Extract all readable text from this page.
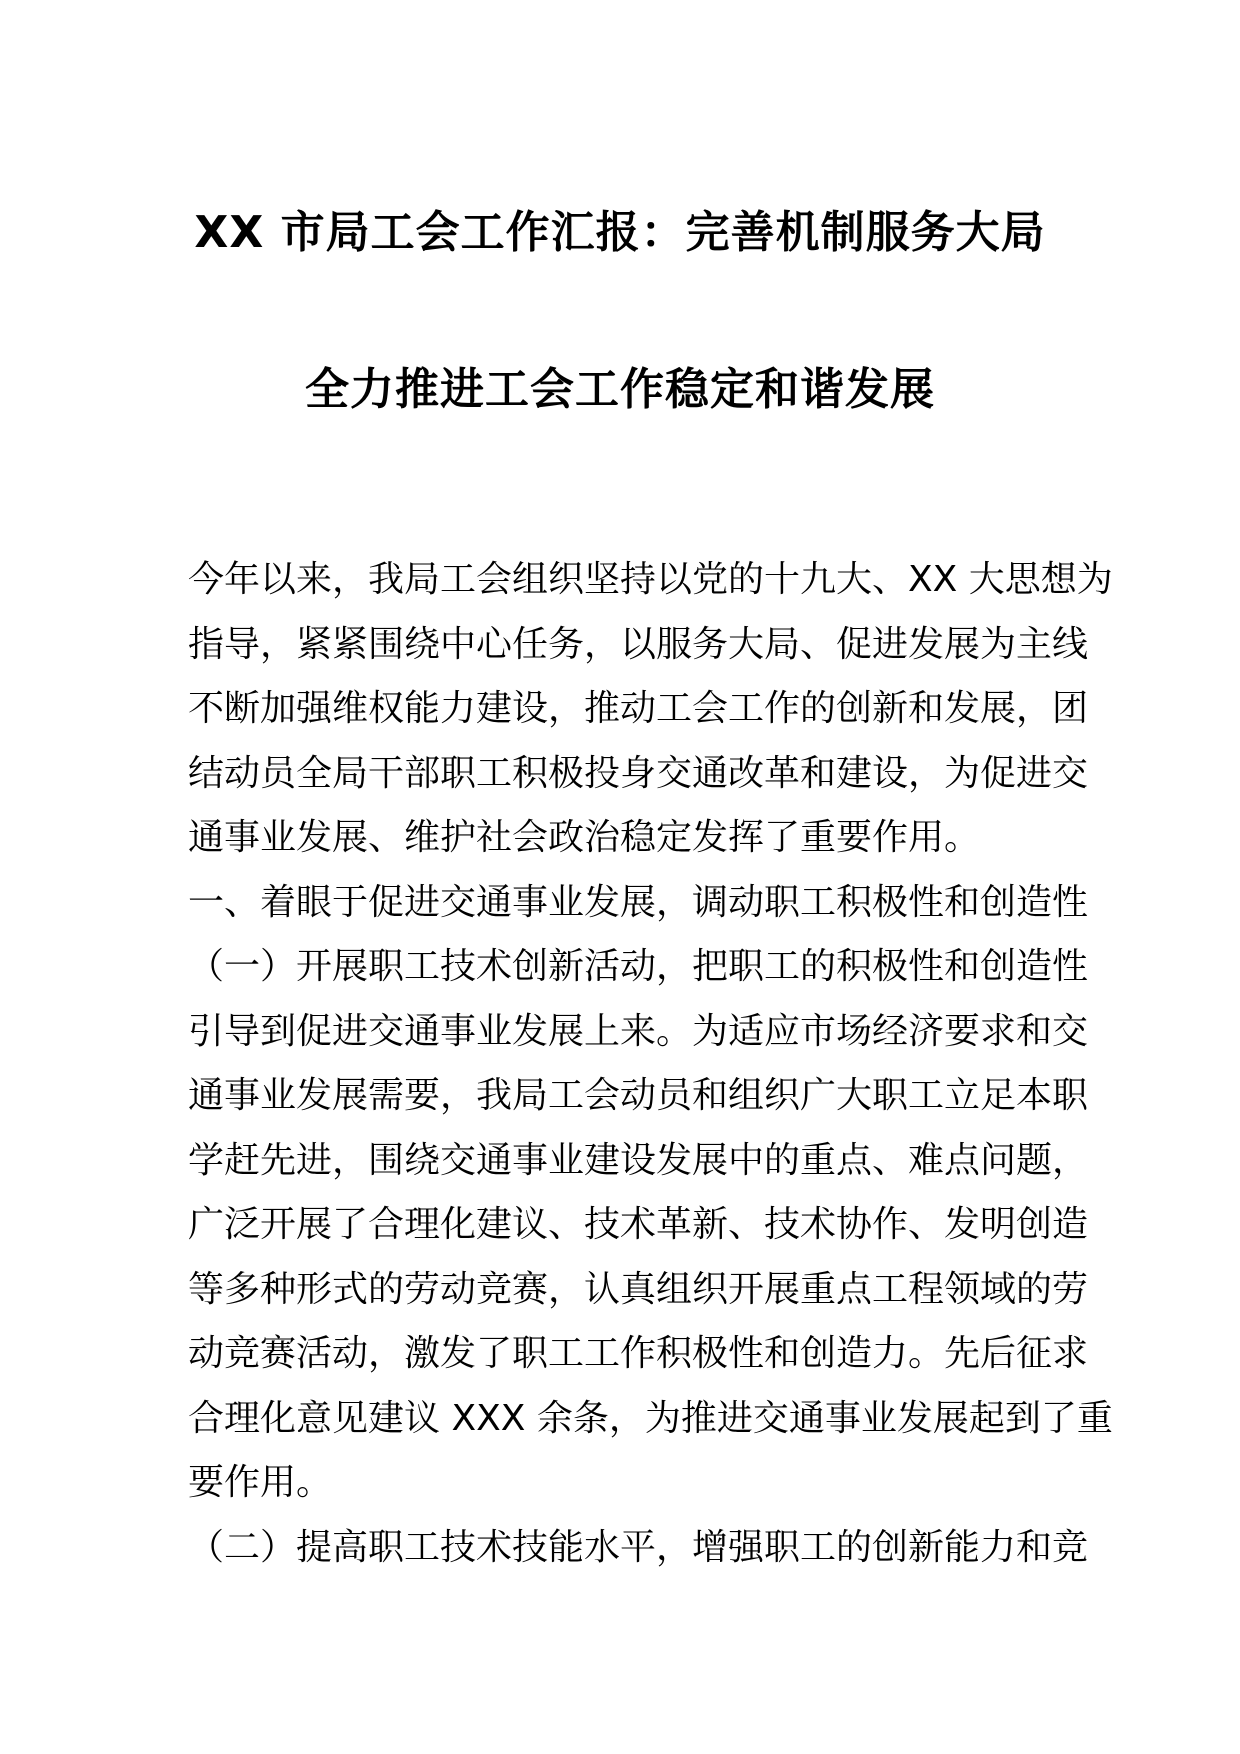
XX 市局工会工作汇报：完善机制服务大局
全力推进工会工作稳定和谐发展
今年以来，我局工会组织坚持以党的十九大、XX 大思想为
指导，紧紧围绕中心任务，以服务大局、促进发展为主线
不断加强维权能力建设，推动工会工作的创新和发展，团
结动员全局干部职工积极投身交通改革和建设，为促进交
通事业发展、维护社会政治稳定发挥了重要作用。
一、着眼于促进交通事业发展，调动职工积极性和创造性
（一）开展职工技术创新活动，把职工的积极性和创造性
引导到促进交通事业发展上来。为适应市场经济要求和交
通事业发展需要，我局工会动员和组织广大职工立足本职
学赶先进，围绕交通事业建设发展中的重点、难点问题，
广泛开展了合理化建议、技术革新、技术协作、发明创造
等多种形式的劳动竞赛，认真组织开展重点工程领域的劳
动竞赛活动，激发了职工工作积极性和创造力。先后征求
合理化意见建议 XXX 余条，为推进交通事业发展起到了重
要作用。
（二）提高职工技术技能水平，增强职工的创新能力和竞
